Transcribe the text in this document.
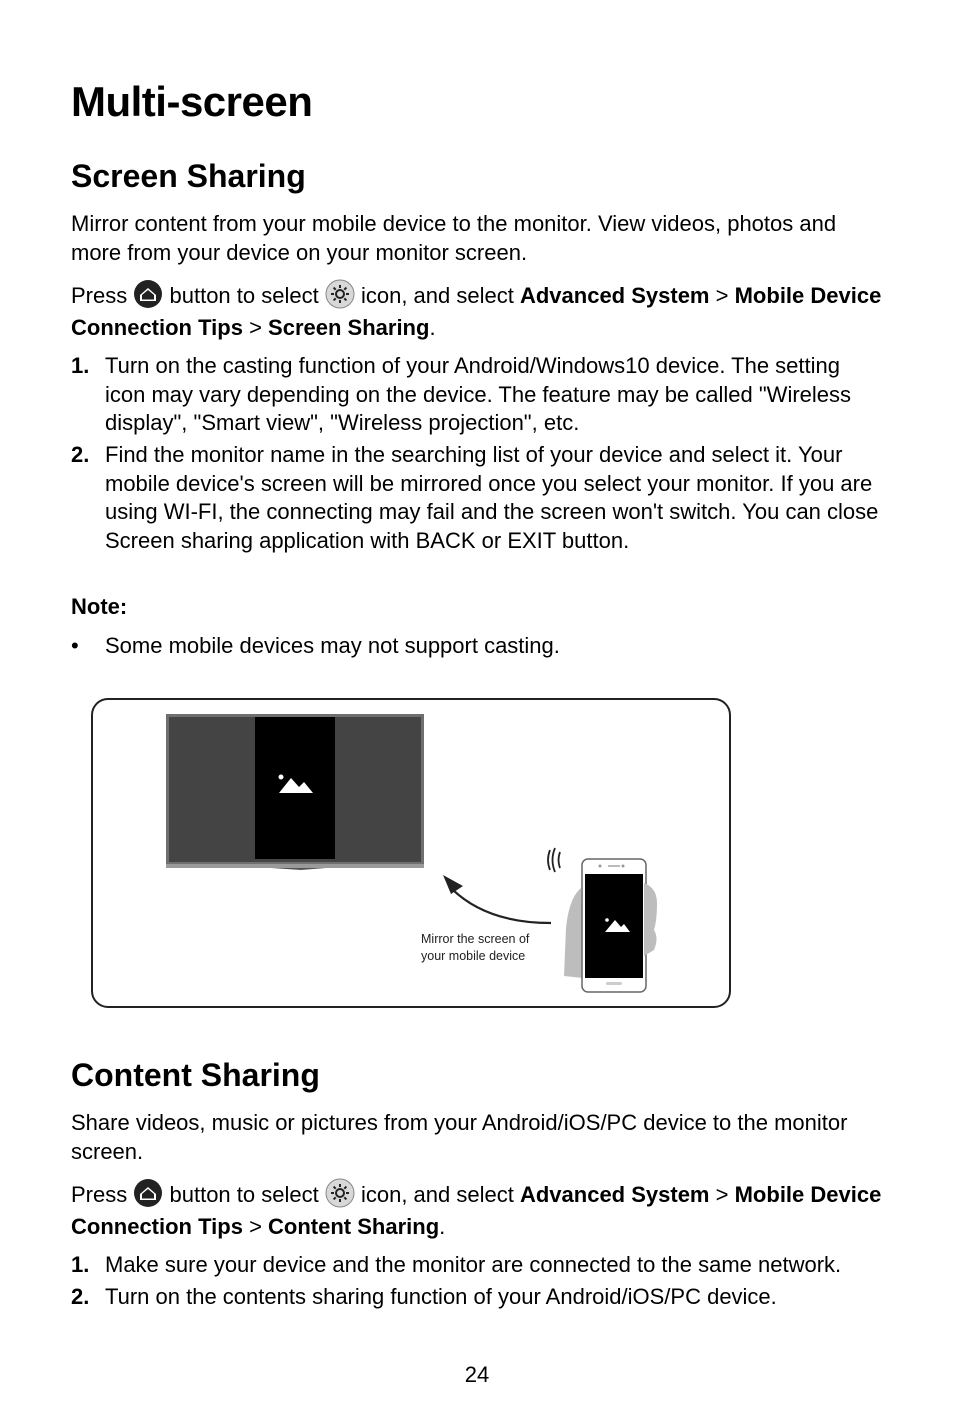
Multi-screen
Screen Sharing

Mirror content from your mobile device to the monitor. View videos, photos and more from your device on your monitor screen.

Press button to select icon, and select Advanced System > Mobile Device Connection Tips > Screen Sharing.

1. Turn on the casting function of your Android/Windows10 device. The setting icon may vary depending on the device. The feature may be called "Wireless display", "Smart view", "Wireless projection", etc.
2. Find the monitor name in the searching list of your device and select it. Your mobile device's screen will be mirrored once you select your monitor. If you are using WI-FI, the connecting may fail and the screen won't switch. You can close Screen sharing application with BACK or EXIT button.

Note:

• Some mobile devices may not support casting.
Mirror the screen of
your mobile device
Content Sharing

Share videos, music or pictures from your Android/iOS/PC device to the monitor screen.

Press button to select icon, and select Advanced System > Mobile Device Connection Tips > Content Sharing.

1. Make sure your device and the monitor are connected to the same network.
2. Turn on the contents sharing function of your Android/iOS/PC device.
24
